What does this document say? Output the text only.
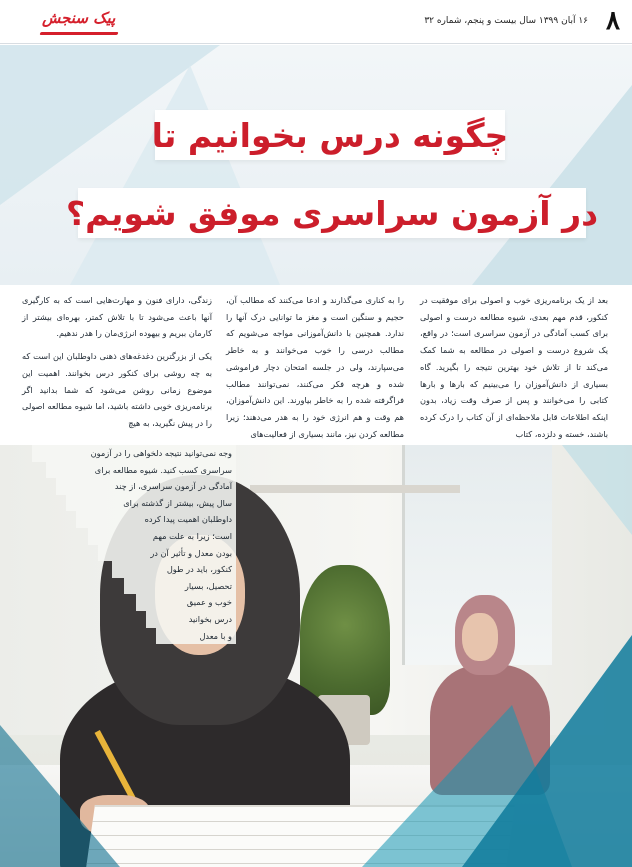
۸
۱۶ آبان ۱۳۹۹ سال بیست و پنجم، شماره ۳۲
پیک سنجش
چگونه درس بخوانیم تا
در آزمون سراسری موفق شویم؟

بعد از یک برنامه‌ریزی خوب و اصولی برای موفقیت در کنکور، قدم مهم بعدی، شیوه مطالعه درست و اصولی برای کسب آمادگی در آزمون سراسری است؛ در واقع، یک شروع درست و اصولی در مطالعه به شما کمک می‌کند تا از تلاش خود بهترین نتیجه را بگیرید. گاه بسیاری از دانش‌آموزان را می‌بینیم که بارها و بارها کتابی را می‌خوانند و پس از صرف وقت زیاد، بدون اینکه اطلاعات قابل ملاحظه‌ای از آن کتاب را درک کرده باشند، خسته و دلزده، کتاب

را به کناری می‌گذارند و ادعا می‌کنند که مطالب آن، حجیم و سنگین است و مغز ما توانایی درک آنها را ندارد. همچنین با دانش‌آموزانی مواجه می‌شویم که مطالب درسی را خوب می‌خوانند و به خاطر می‌سپارند، ولی در جلسه امتحان دچار فراموشی شده و هرچه فکر می‌کنند، نمی‌توانند مطالب فراگرفته شده را به خاطر بیاورند. این دانش‌آموزان، هم وقت و هم انرژی خود را به هدر می‌دهند؛ زیرا مطالعه کردن نیز، مانند بسیاری از فعالیت‌های

زندگی، دارای فنون و مهارت‌هایی است که به کارگیری آنها باعث می‌شود تا با تلاش کمتر، بهره‌ای بیشتر از کارمان ببریم و بیهوده انرژی‌مان را هدر ندهیم.

یکی از بزرگترین دغدغه‌های ذهنی داوطلبان این است که به چه روشی برای کنکور درس بخوانند. اهمیت این موضوع زمانی روشن می‌شود که شما بدانید اگر برنامه‌ریزی خوبی داشته باشید، اما شیوه مطالعه اصولی را در پیش نگیرید، به هیچ

وجه نمی‌توانید نتیجه دلخواهی را در آزمون
سراسری کسب کنید. شیوه مطالعه برای
آمادگی در آزمون سراسری، از چند
سال پیش، بیشتر از گذشته برای
داوطلبان اهمیت پیدا کرده
است؛ زیرا به علت مهم
بودن معدل و تأثیر آن در
کنکور، باید در طول
تحصیل، بسیار
خوب و عمیق
درس بخوانید
و با معدل
